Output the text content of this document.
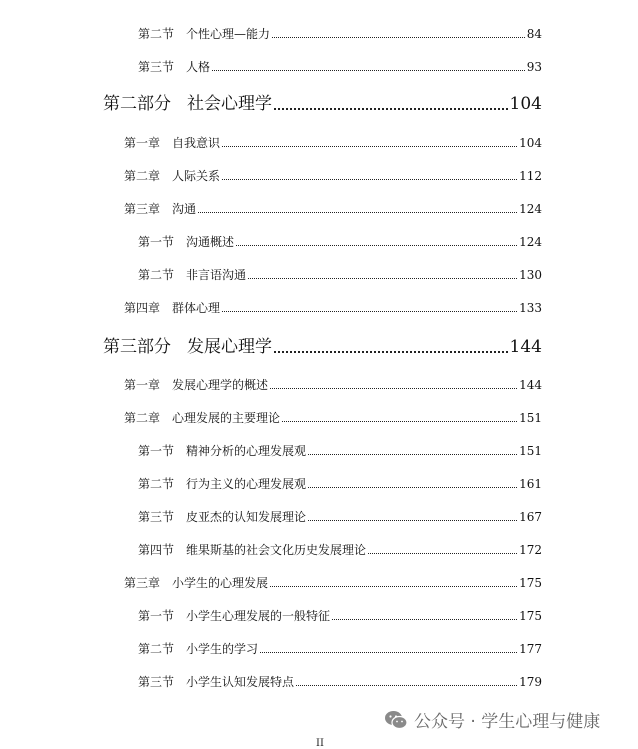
第二节 个性心理—能力	84
第三节 人格	93
第二部分 社会心理学	104
第一章 自我意识	104
第二章 人际关系	112
第三章 沟通	124
第一节 沟通概述	124
第二节 非言语沟通	130
第四章 群体心理	133
第三部分 发展心理学	144
第一章 发展心理学的概述	144
第二章 心理发展的主要理论	151
第一节 精神分析的心理发展观	151
第二节 行为主义的心理发展观	161
第三节 皮亚杰的认知发展理论	167
第四节 维果斯基的社会文化历史发展理论	172
第三章 小学生的心理发展	175
第一节 小学生心理发展的一般特征	175
第二节 小学生的学习	177
第三节 小学生认知发展特点	179
公众号 · 学生心理与健康
II
